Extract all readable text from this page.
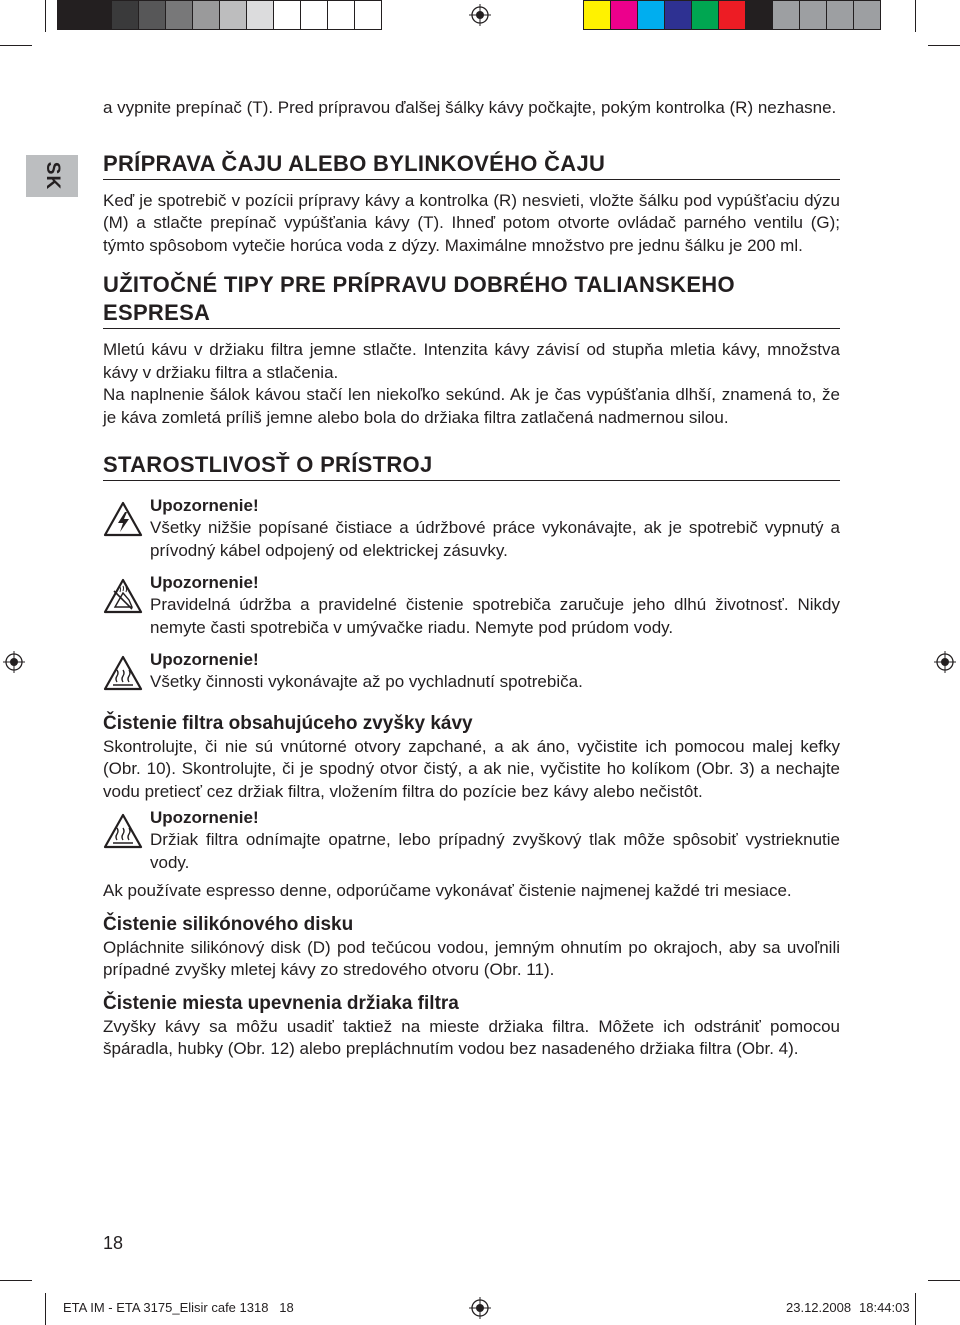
SK

a vypnite prepínač (T). Pred prípravou ďalšej šálky kávy počkajte, pokým kontrolka (R) nezhasne.

PRÍPRAVA ČAJU ALEBO BYLINKOVÉHO ČAJU

Keď je spotrebič v pozícii prípravy kávy a kontrolka (R) nesvieti, vložte šálku pod vypúšťaciu dýzu (M) a stlačte prepínač vypúšťania kávy (T). Ihneď potom otvorte ovládač parného ventilu (G); týmto spôsobom vytečie horúca voda z dýzy. Maximálne množstvo pre jednu šálku je 200 ml.

UŽITOČNÉ TIPY PRE PRÍPRAVU DOBRÉHO TALIANSKEHO ESPRESA

Mletú kávu v držiaku filtra jemne stlačte. Intenzita kávy závisí od stupňa mletia kávy, množstva kávy v držiaku filtra a stlačenia.

Na naplnenie šálok kávou stačí len niekoľko sekúnd. Ak je čas vypúšťania dlhší, znamená to, že je káva zomletá príliš jemne alebo bola do držiaka filtra zatlačená nadmernou silou.

STAROSTLIVOSŤ O PRÍSTROJ
Upozornenie!

Všetky nižšie popísané čistiace a údržbové práce vykonávajte, ak je spotrebič vypnutý a prívodný kábel odpojený od elektrickej zásuvky.

Upozornenie!

Pravidelná údržba a pravidelné čistenie spotrebiča zaručuje jeho dlhú životnosť. Nikdy nemyte časti spotrebiča v umývačke riadu. Nemyte pod prúdom vody.

Upozornenie!

Všetky činnosti vykonávajte až po vychladnutí spotrebiča.

Čistenie filtra obsahujúceho zvyšky kávy

Skontrolujte, či nie sú vnútorné otvory zapchané, a ak áno, vyčistite ich pomocou malej kefky (Obr. 10). Skontrolujte, či je spodný otvor čistý, a ak nie, vyčistite ho kolíkom (Obr. 3) a nechajte vodu pretiecť cez držiak filtra, vložením filtra do pozície bez kávy alebo nečistôt.

Upozornenie!

Držiak filtra odnímajte opatrne, lebo prípadný zvyškový tlak môže spôsobiť vystrieknutie vody.

Ak používate espresso denne, odporúčame vykonávať čistenie najmenej každé tri mesiace.

Čistenie silikónového disku

Opláchnite silikónový disk (D) pod tečúcou vodou, jemným ohnutím po okrajoch, aby sa uvoľnili prípadné zvyšky mletej kávy zo stredového otvoru (Obr. 11).

Čistenie miesta upevnenia držiaka filtra

Zvyšky kávy sa môžu usadiť taktiež na mieste držiaka filtra. Môžete ich odstrániť pomocou špáradla, hubky (Obr. 12) alebo prepláchnutím vodou bez nasadeného držiaka filtra (Obr. 4).

18
ETA IM - ETA 3175_Elisir cafe 1318   18	23.12.2008 18:44:03
